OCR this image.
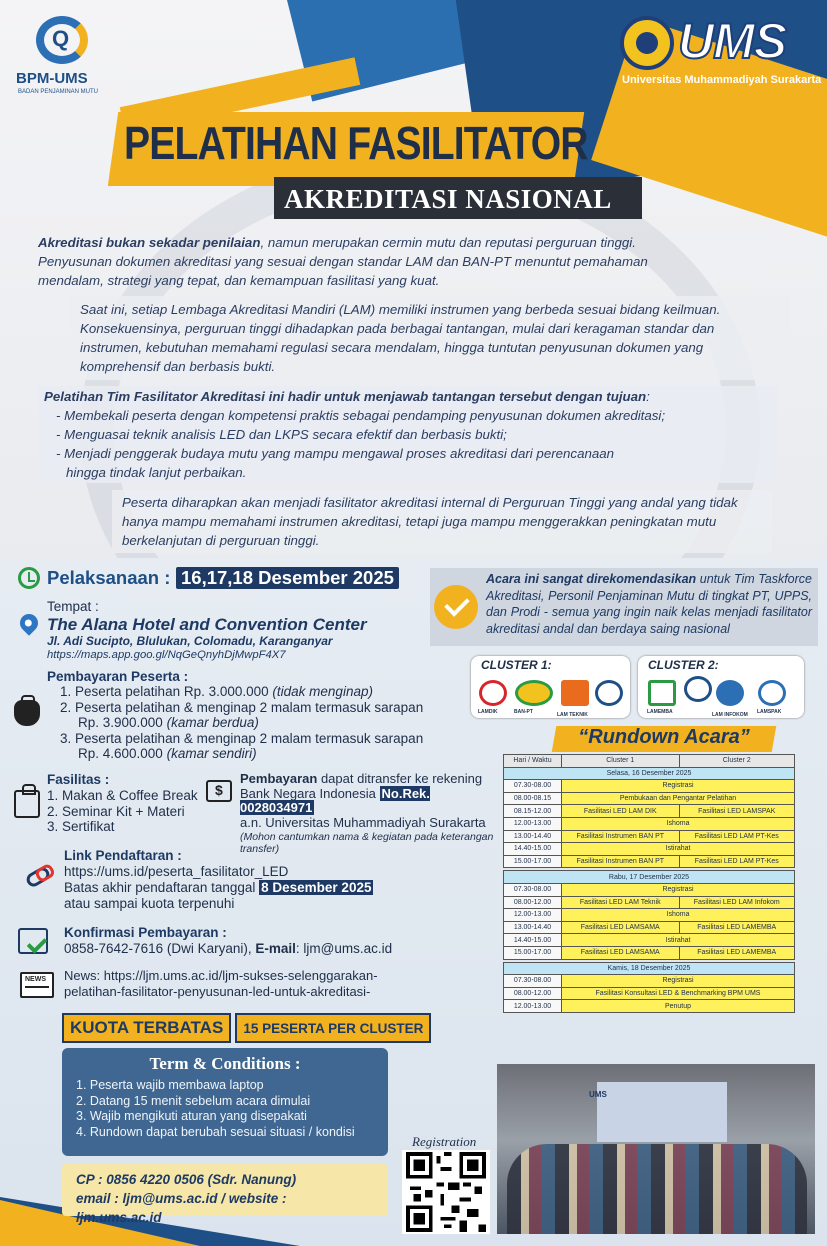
Q
BPM-UMS
BADAN PENJAMINAN MUTU
UMS
Universitas Muhammadiyah Surakarta
PELATIHAN FASILITATOR
AKREDITASI NASIONAL
Akreditasi bukan sekadar penilaian, namun merupakan cermin mutu dan reputasi perguruan tinggi. Penyusunan dokumen akreditasi yang sesuai dengan standar LAM dan BAN-PT menuntut pemahaman mendalam, strategi yang tepat, dan kemampuan fasilitasi yang kuat.
Saat ini, setiap Lembaga Akreditasi Mandiri (LAM) memiliki instrumen yang berbeda sesuai bidang keilmuan. Konsekuensinya, perguruan tinggi dihadapkan pada berbagai tantangan, mulai dari keragaman standar dan instrumen, kebutuhan memahami regulasi secara mendalam, hingga tuntutan penyusunan dokumen yang komprehensif dan berbasis bukti.
Pelatihan Tim Fasilitator Akreditasi ini hadir untuk menjawab tantangan tersebut dengan tujuan:
- Membekali peserta dengan kompetensi praktis sebagai pendamping penyusunan dokumen akreditasi;
- Menguasai teknik analisis LED dan LKPS secara efektif dan berbasis bukti;
- Menjadi penggerak budaya mutu yang mampu mengawal proses akreditasi dari perencanaan
hingga tindak lanjut perbaikan.
Peserta diharapkan akan menjadi fasilitator akreditasi internal di Perguruan Tinggi yang andal yang tidak hanya mampu memahami instrumen akreditasi, tetapi juga mampu menggerakkan peningkatan mutu berkelanjutan di perguruan tinggi.
Pelaksanaan : 16,17,18 Desember 2025
Tempat :
The Alana Hotel and Convention Center
Jl. Adi Sucipto, Blulukan, Colomadu, Karanganyar
https://maps.app.goo.gl/NqGeQnyhDjMwpF4X7
Pembayaran Peserta :
1. Peserta pelatihan Rp. 3.000.000 (tidak menginap)
2. Peserta pelatihan & menginap 2 malam termasuk sarapan
Rp. 3.900.000 (kamar berdua)
3. Peserta pelatihan & menginap 2 malam termasuk sarapan
Rp. 4.600.000 (kamar sendiri)
Fasilitas :
1. Makan & Coffee Break
2. Seminar Kit + Materi
3. Sertifikat
$
Pembayaran dapat ditransfer ke rekening
Bank Negara Indonesia No.Rek. 0028034971
a.n. Universitas Muhammadiyah Surakarta
(Mohon cantumkan nama & kegiatan pada keterangan transfer)
Link Pendaftaran :
https://ums.id/peserta_fasilitator_LED
Batas akhir pendaftaran tanggal 8 Desember 2025
atau sampai kuota terpenuhi
Konfirmasi Pembayaran :
0858-7642-7616 (Dwi Karyani), E-mail: ljm@ums.ac.id
NEWS
News: https://ljm.ums.ac.id/ljm-sukses-selenggarakan-
pelatihan-fasilitator-penyusunan-led-untuk-akreditasi-
KUOTA TERBATAS	15 PESERTA PER CLUSTER
Term & Conditions :
1. Peserta wajib membawa laptop
2. Datang 15 menit sebelum acara dimulai
3. Wajib mengikuti aturan yang disepakati
4. Rundown dapat berubah sesuai situasi / kondisi
CP : 0856 4220 0506 (Sdr. Nanung)
email : ljm@ums.ac.id / website : ljm.ums.ac.id
Acara ini sangat direkomendasikan untuk Tim Taskforce Akreditasi, Personil Penjaminan Mutu di tingkat PT, UPPS, dan Prodi - semua yang ingin naik kelas menjadi fasilitator akreditasi andal dan berdaya saing nasional
CLUSTER 1:
LAMDIK	BAN-PT	LAM TEKNIK
CLUSTER 2:
LAMEMBA	LAM INFOKOM LAMSPAK
“Rundown Acara”
Hari / Waktu	Cluster 1	Cluster 2
Selasa, 16 Desember 2025		
07.30-08.00	Registrasi	
08.00-08.15	Pembukaan dan Pengantar Pelatihan	
08.15-12.00	Fasilitasi LED LAM DIK	Fasilitasi LED LAMSPAK
12.00-13.00	Ishoma	
13.00-14.40	Fasilitasi Instrumen BAN PT	Fasilitasi LED LAM PT-Kes
14.40-15.00	Istirahat	
15.00-17.00	Fasilitasi Instrumen BAN PT	Fasilitasi LED LAM PT-Kes

Rabu, 17 Desember 2025		
07.30-08.00	Registrasi	
08.00-12.00	Fasilitasi LED LAM Teknik	Fasilitasi LED LAM Infokom
12.00-13.00	Ishoma	
13.00-14.40	Fasilitasi LED LAMSAMA	Fasilitasi LED LAMEMBA
14.40-15.00	Istirahat	
15.00-17.00	Fasilitasi LED LAMSAMA	Fasilitasi LED LAMEMBA

Kamis, 18 Desember 2025		
07.30-08.00	Registrasi	
08.00-12.00	Fasilitasi Konsultasi LED & Benchmarking BPM UMS	
12.00-13.00	Penutup	
UMS
Registration
